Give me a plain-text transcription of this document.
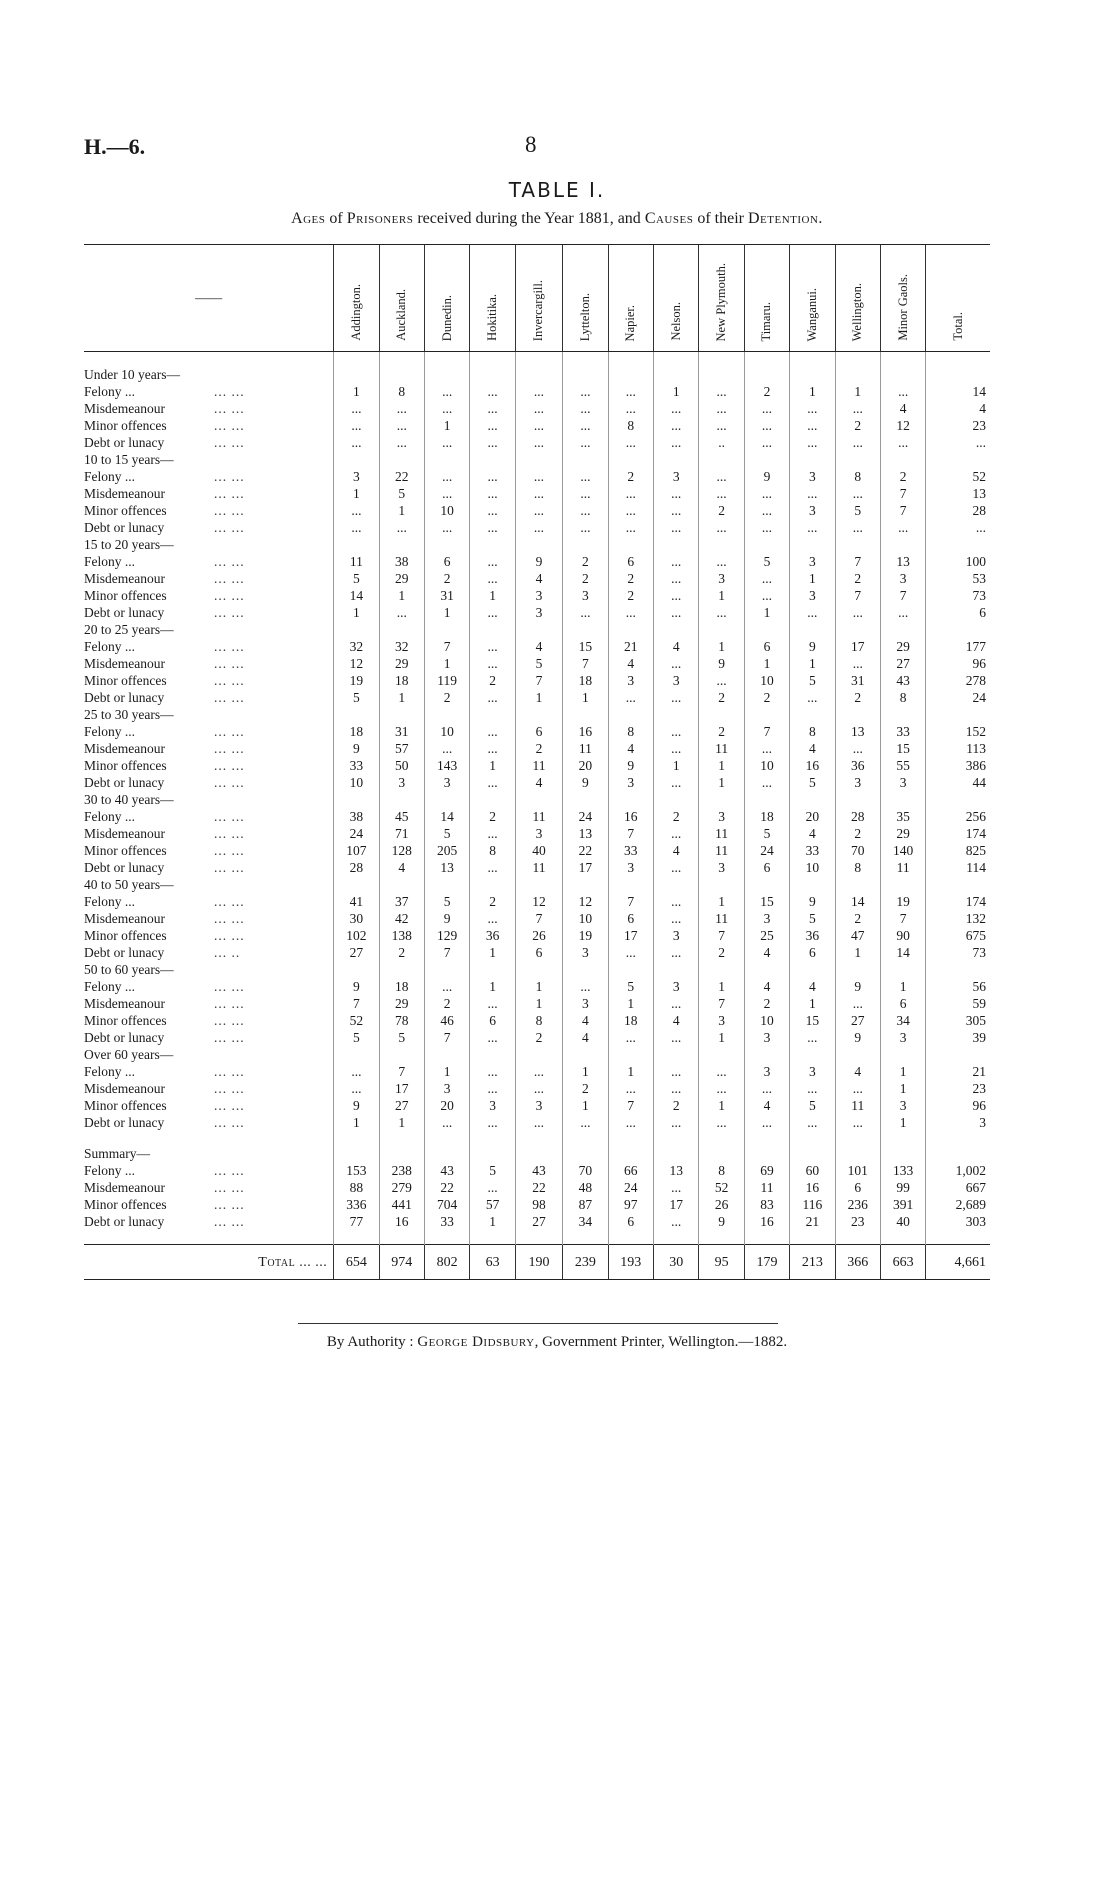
H.—6.	8
TABLE I.
Ages of Prisoners received during the Year 1881, and Causes of their Detention.
——	Addington.	Auckland.	Dunedin.	Hokitika.	Invercargill.	Lyttelton.	Napier.	Nelson.	New Plymouth.	Timaru.	Wanganui.	Wellington.	Minor Gaols.	Total.

Under 10 years—														
Felony ... ... ...	1	8	...	...	...	...	...	1	...	2	1	1	...	14
Misdemeanour ... ...	...	...	...	...	...	...	...	...	...	...	...	...	4	4
Minor offences ... ...	...	...	1	...	...	...	8	...	...	...	...	2	12	23
Debt or lunacy ... ...	...	...	...	...	...	...	...	...	..	...	...	...	...	...
10 to 15 years—														
Felony ... ... ...	3	22	...	...	...	...	2	3	...	9	3	8	2	52
Misdemeanour ... ...	1	5	...	...	...	...	...	...	...	...	...	...	7	13
Minor offences ... ...	...	1	10	...	...	...	...	...	2	...	3	5	7	28
Debt or lunacy ... ...	...	...	...	...	...	...	...	...	...	...	...	...	...	...
15 to 20 years—														
Felony ... ... ...	11	38	6	...	9	2	6	...	...	5	3	7	13	100
Misdemeanour ... ...	5	29	2	...	4	2	2	...	3	...	1	2	3	53
Minor offences ... ...	14	1	31	1	3	3	2	...	1	...	3	7	7	73
Debt or lunacy ... ...	1	...	1	...	3	...	...	...	...	1	...	...	...	6
20 to 25 years—														
Felony ... ... ...	32	32	7	...	4	15	21	4	1	6	9	17	29	177
Misdemeanour ... ...	12	29	1	...	5	7	4	...	9	1	1	...	27	96
Minor offences ... ...	19	18	119	2	7	18	3	3	...	10	5	31	43	278
Debt or lunacy ... ...	5	1	2	...	1	1	...	...	2	2	...	2	8	24
25 to 30 years—														
Felony ... ... ...	18	31	10	...	6	16	8	...	2	7	8	13	33	152
Misdemeanour ... ...	9	57	...	...	2	11	4	...	11	...	4	...	15	113
Minor offences ... ...	33	50	143	1	11	20	9	1	1	10	16	36	55	386
Debt or lunacy ... ...	10	3	3	...	4	9	3	...	1	...	5	3	3	44
30 to 40 years—														
Felony ... ... ...	38	45	14	2	11	24	16	2	3	18	20	28	35	256
Misdemeanour ... ...	24	71	5	...	3	13	7	...	11	5	4	2	29	174
Minor offences ... ...	107	128	205	8	40	22	33	4	11	24	33	70	140	825
Debt or lunacy ... ...	28	4	13	...	11	17	3	...	3	6	10	8	11	114
40 to 50 years—														
Felony ... ... ...	41	37	5	2	12	12	7	...	1	15	9	14	19	174
Misdemeanour ... ...	30	42	9	...	7	10	6	...	11	3	5	2	7	132
Minor offences ... ...	102	138	129	36	26	19	17	3	7	25	36	47	90	675
Debt or lunacy ... ..	27	2	7	1	6	3	...	...	2	4	6	1	14	73
50 to 60 years—														
Felony ... ... ...	9	18	...	1	1	...	5	3	1	4	4	9	1	56
Misdemeanour ... ...	7	29	2	...	1	3	1	...	7	2	1	...	6	59
Minor offences ... ...	52	78	46	6	8	4	18	4	3	10	15	27	34	305
Debt or lunacy ... ...	5	5	7	...	2	4	...	...	1	3	...	9	3	39
Over 60 years—														
Felony ... ... ...	...	7	1	...	...	1	1	...	...	3	3	4	1	21
Misdemeanour ... ...	...	17	3	...	...	2	...	...	...	...	...	...	1	23
Minor offences ... ...	9	27	20	3	3	1	7	2	1	4	5	11	3	96
Debt or lunacy ... ...	1	1	...	...	...	...	...	...	...	...	...	...	1	3

Summary—														
Felony ... ... ...	153	238	43	5	43	70	66	13	8	69	60	101	133	1,002
Misdemeanour ... ...	88	279	22	...	22	48	24	...	52	11	16	6	99	667
Minor offences ... ...	336	441	704	57	98	87	97	17	26	83	116	236	391	2,689
Debt or lunacy ... ...	77	16	33	1	27	34	6	...	9	16	21	23	40	303

Total ... ...	654	974	802	63	190	239	193	30	95	179	213	366	663	4,661
By Authority : George Didsbury, Government Printer, Wellington.—1882.
